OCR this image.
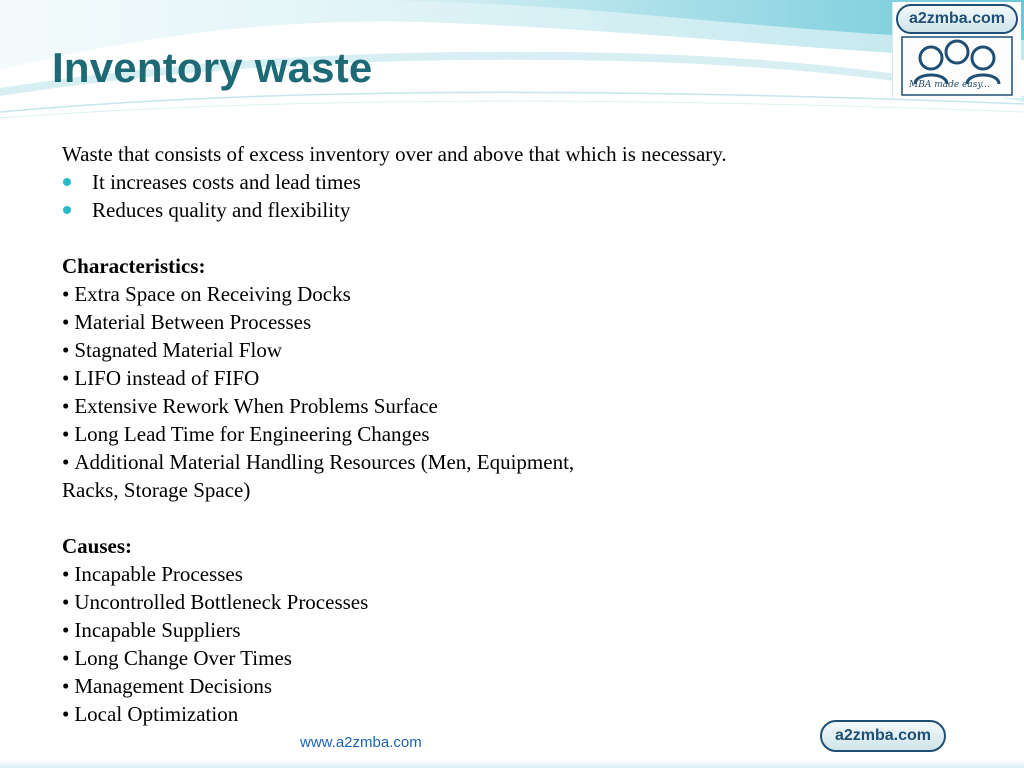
Inventory waste
a2zmba.com
MBA made easy...
Waste that consists of excess inventory over and above that which is necessary.
It increases costs and lead times
Reduces quality and flexibility
Characteristics:
• Extra Space on Receiving Docks
• Material Between Processes
• Stagnated Material Flow
• LIFO instead of FIFO
• Extensive Rework When Problems Surface
• Long Lead Time for Engineering Changes
• Additional Material Handling Resources (Men, Equipment,
Racks, Storage Space)
Causes:
• Incapable Processes
• Uncontrolled Bottleneck Processes
• Incapable Suppliers
• Long Change Over Times
• Management Decisions
• Local Optimization
www.a2zmba.com	a2zmba.com
